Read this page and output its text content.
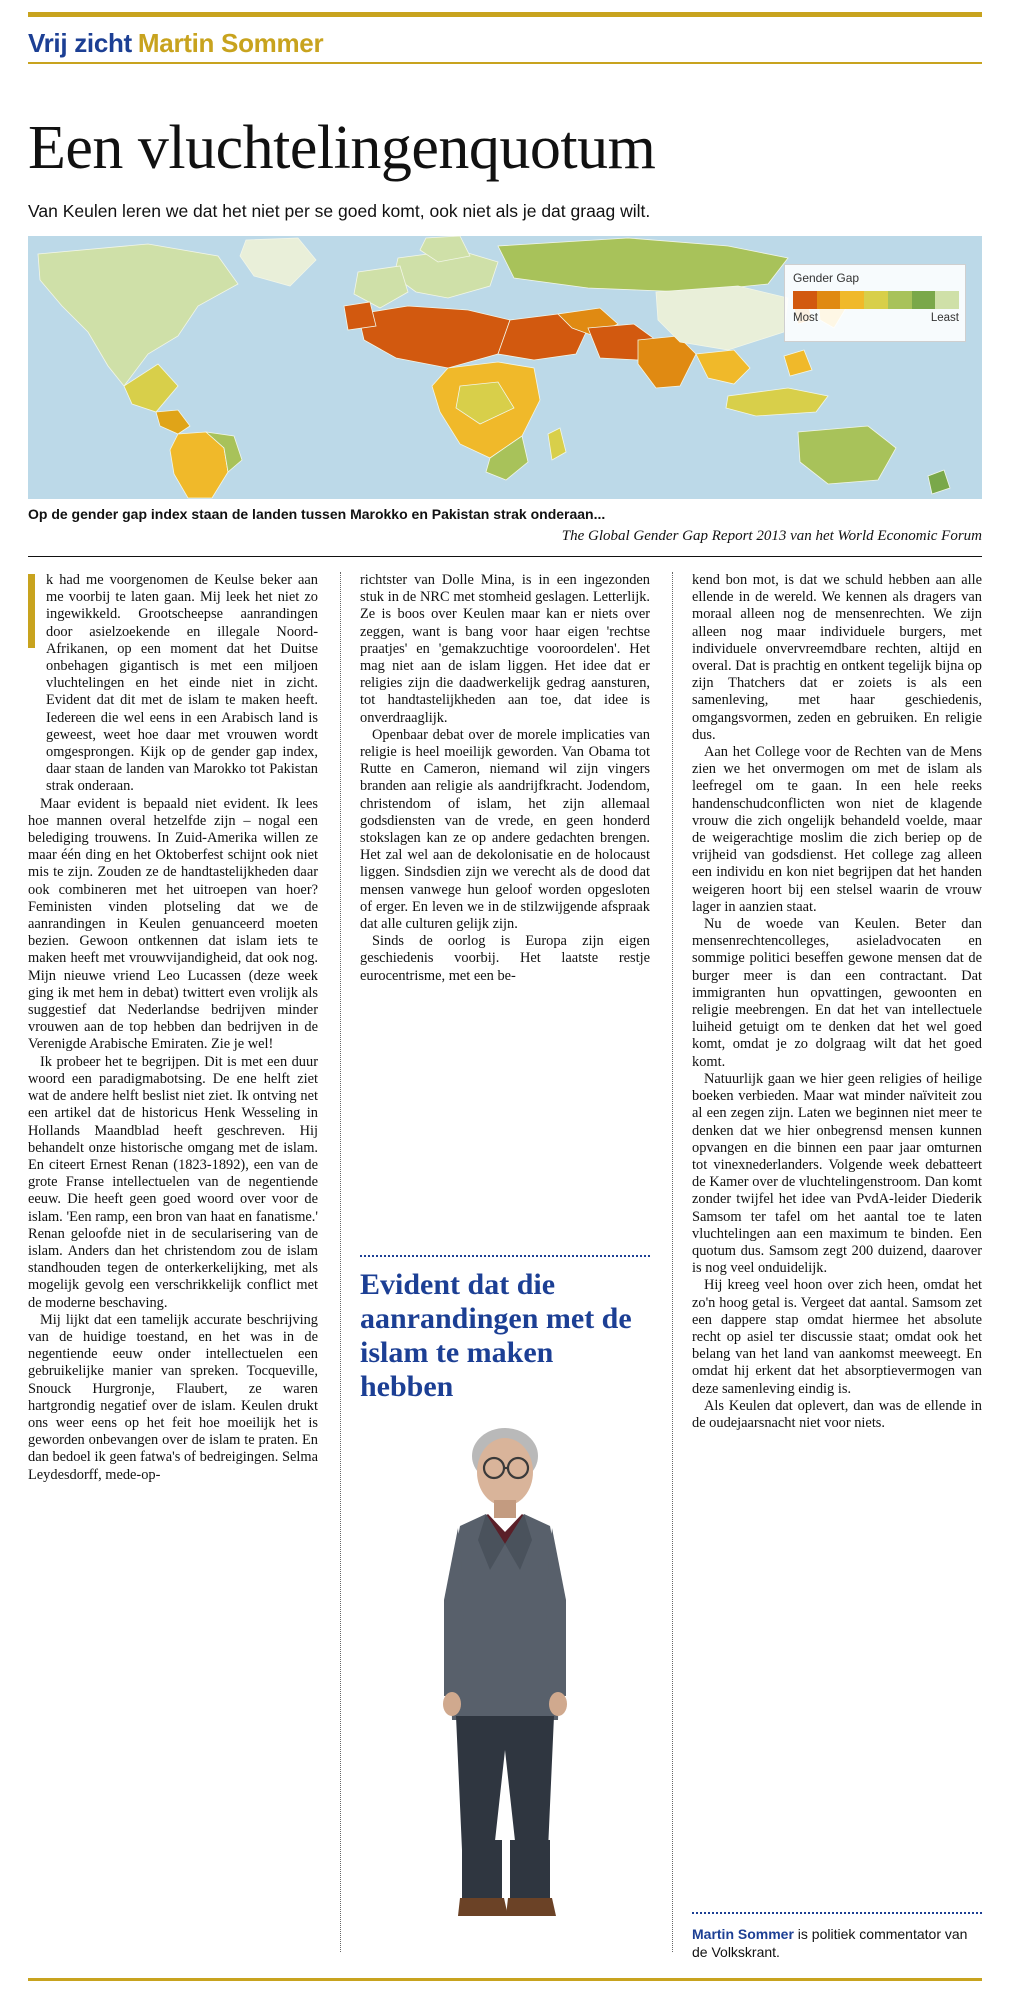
Vrij zicht Martin Sommer
Een vluchtelingenquotum
Van Keulen leren we dat het niet per se goed komt, ook niet als je dat graag wilt.
Gender Gap
Most	Least
Op de gender gap index staan de landen tussen Marokko en Pakistan strak onderaan...
The Global Gender Gap Report 2013 van het World Economic Forum

k had me voorgenomen de Keulse beker aan me voorbij te laten gaan. Mij leek het niet zo ingewikkeld. Grootscheepse aanrandingen door asielzoekende en illegale Noord-Afrikanen, op een moment dat het Duitse onbehagen gigantisch is met een miljoen vluchtelingen en het einde niet in zicht. Evident dat dit met de islam te maken heeft. Iedereen die wel eens in een Arabisch land is geweest, weet hoe daar met vrouwen wordt omgesprongen. Kijk op de gender gap index, daar staan de landen van Marokko tot Pakistan strak onderaan.

Maar evident is bepaald niet evident. Ik lees hoe mannen overal hetzelfde zijn – nogal een belediging trouwens. In Zuid-Amerika willen ze maar één ding en het Oktoberfest schijnt ook niet mis te zijn. Zouden ze de handtastelijkheden daar ook combineren met het uitroepen van hoer? Feministen vinden plotseling dat we de aanrandingen in Keulen genuanceerd moeten bezien. Gewoon ontkennen dat islam iets te maken heeft met vrouwvijandigheid, dat ook nog. Mijn nieuwe vriend Leo Lucassen (deze week ging ik met hem in debat) twittert even vrolijk als suggestief dat Nederlandse bedrijven minder vrouwen aan de top hebben dan bedrijven in de Verenigde Arabische Emiraten. Zie je wel!

Ik probeer het te begrijpen. Dit is met een duur woord een paradigmabotsing. De ene helft ziet wat de andere helft beslist niet ziet. Ik ontving net een artikel dat de historicus Henk Wesseling in Hollands Maandblad heeft geschreven. Hij behandelt onze historische omgang met de islam. En citeert Ernest Renan (1823-1892), een van de grote Franse intellectuelen van de negentiende eeuw. Die heeft geen goed woord over voor de islam. 'Een ramp, een bron van haat en fanatisme.' Renan geloofde niet in de secularisering van de islam. Anders dan het christendom zou de islam standhouden tegen de onterkerkelijking, met als mogelijk gevolg een verschrikkelijk conflict met de moderne beschaving.

Mij lijkt dat een tamelijk accurate beschrijving van de huidige toestand, en het was in de negentiende eeuw onder intellectuelen een gebruikelijke manier van spreken. Tocqueville, Snouck Hurgronje, Flaubert, ze waren hartgrondig negatief over de islam. Keulen drukt ons weer eens op het feit hoe moeilijk het is geworden onbevangen over de islam te praten. En dan bedoel ik geen fatwa's of bedreigingen. Selma Leydesdorff, mede-op-

richtster van Dolle Mina, is in een ingezonden stuk in de NRC met stomheid geslagen. Letterlijk. Ze is boos over Keulen maar kan er niets over zeggen, want is bang voor haar eigen 'rechtse praatjes' en 'gemakzuchtige vooroordelen'. Het mag niet aan de islam liggen. Het idee dat er religies zijn die daadwerkelijk gedrag aansturen, tot handtastelijkheden aan toe, dat idee is onverdraaglijk.

Openbaar debat over de morele implicaties van religie is heel moeilijk geworden. Van Obama tot Rutte en Cameron, niemand wil zijn vingers branden aan religie als aandrijfkracht. Jodendom, christendom of islam, het zijn allemaal godsdiensten van de vrede, en geen honderd stokslagen kan ze op andere gedachten brengen. Het zal wel aan de dekolonisatie en de holocaust liggen. Sindsdien zijn we verecht als de dood dat mensen vanwege hun geloof worden opgesloten of erger. En leven we in de stilzwijgende afspraak dat alle culturen gelijk zijn.

Sinds de oorlog is Europa zijn eigen geschiedenis voorbij. Het laatste restje eurocentrisme, met een be-

kend bon mot, is dat we schuld hebben aan alle ellende in de wereld. We kennen als dragers van moraal alleen nog de mensenrechten. We zijn alleen nog maar individuele burgers, met individuele onvervreemdbare rechten, altijd en overal. Dat is prachtig en ontkent tegelijk bijna op zijn Thatchers dat er zoiets is als een samenleving, met haar geschiedenis, omgangsvormen, zeden en gebruiken. En religie dus.

Aan het College voor de Rechten van de Mens zien we het onvermogen om met de islam als leefregel om te gaan. In een hele reeks handenschudconflicten won niet de klagende vrouw die zich ongelijk behandeld voelde, maar de weigerachtige moslim die zich beriep op de vrijheid van godsdienst. Het college zag alleen een individu en kon niet begrijpen dat het handen weigeren hoort bij een stelsel waarin de vrouw lager in aanzien staat.

Nu de woede van Keulen. Beter dan mensenrechtencolleges, asieladvocaten en sommige politici beseffen gewone mensen dat de burger meer is dan een contractant. Dat immigranten hun opvattingen, gewoonten en religie meebrengen. En dat het van intellectuele luiheid getuigt om te denken dat het wel goed komt, omdat je zo dolgraag wilt dat het goed komt.

Natuurlijk gaan we hier geen religies of heilige boeken verbieden. Maar wat minder naïviteit zou al een zegen zijn. Laten we beginnen niet meer te denken dat we hier onbegrensd mensen kunnen opvangen en die binnen een paar jaar omturnen tot vinexnederlanders. Volgende week debatteert de Kamer over de vluchtelingenstroom. Dan komt zonder twijfel het idee van PvdA-leider Diederik Samsom ter tafel om het aantal toe te laten vluchtelingen aan een maximum te binden. Een quotum dus. Samsom zegt 200 duizend, daarover is nog veel onduidelijk.

Hij kreeg veel hoon over zich heen, omdat het zo'n hoog getal is. Vergeet dat aantal. Samsom zet een dappere stap omdat hiermee het absolute recht op asiel ter discussie staat; omdat ook het belang van het land van aankomst meeweegt. En omdat hij erkent dat het absorptievermogen van deze samenleving eindig is.

Als Keulen dat oplevert, dan was de ellende in de oudejaarsnacht niet voor niets.

Evident dat die aanrandingen met de islam te maken hebben
Martin Sommer is politiek commentator van de Volkskrant.
